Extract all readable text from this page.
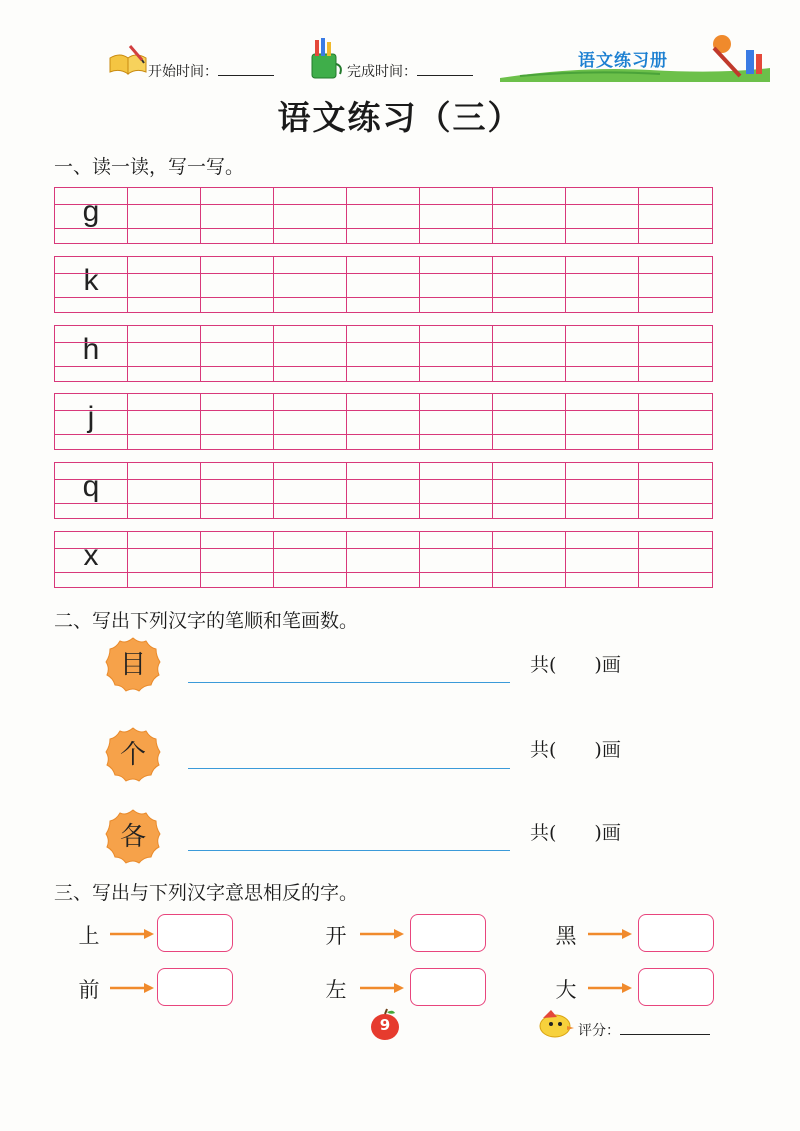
开始时间：	完成时间：
语文练习册
语文练习（三）
一、读一读，写一写。
g
k
h
j
q
x
二、写出下列汉字的笔顺和笔画数。
目	共(　　)画
个	共(　　)画
各	共(　　)画
三、写出与下列汉字意思相反的字。
上	开	黑
前	左	大
9	评分：
